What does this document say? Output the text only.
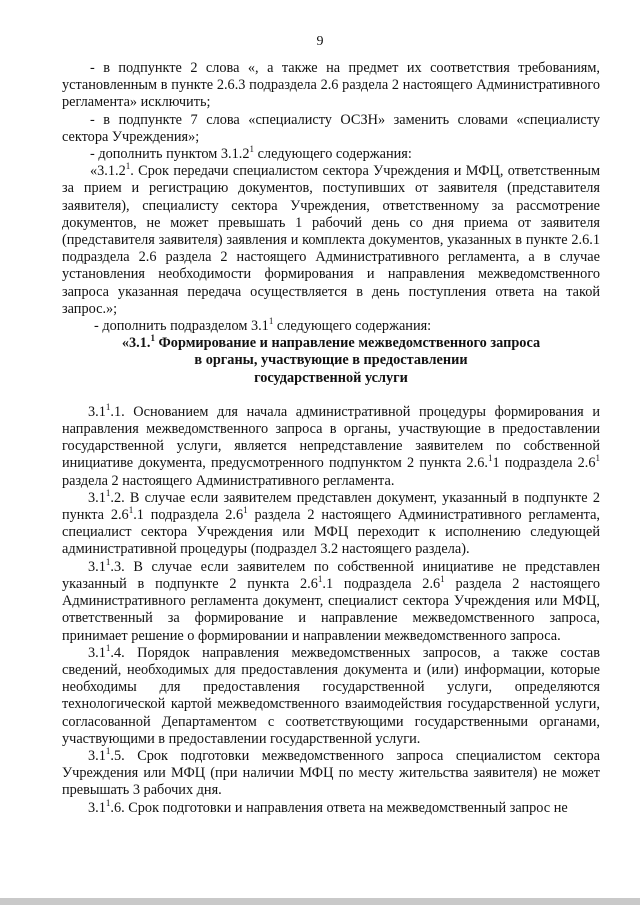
9

- в подпункте 2 слова «, а также на предмет их соответствия требованиям, установленным в пункте 2.6.3 подраздела 2.6 раздела 2 настоящего Административного регламента» исключить;

- в подпункте 7 слова «специалисту ОСЗН» заменить словами «специалисту сектора Учреждения»;

- дополнить пунктом 3.1.2$^1$ следующего содержания:

«3.1.2$^1$. Срок передачи специалистом сектора Учреждения и МФЦ, ответственным за прием и регистрацию документов, поступивших от заявителя (представителя заявителя), специалисту сектора Учреждения, ответственному за рассмотрение документов, не может превышать 1 рабочий день со дня приема от заявителя (представителя заявителя) заявления и комплекта документов, указанных в пункте 2.6.1 подраздела 2.6 раздела 2 настоящего Административного регламента, а в случае установления необходимости формирования и направления межведомственного запроса указанная передача осуществляется в день поступления ответа на такой запрос.»;

- дополнить подразделом $3.1^1$ следующего содержания:

«3.1.$^1$ Формирование и направление межведомственного запроса

в органы, участвующие в предоставлении

государственной услуги

$3.1^1.1$. Основанием для начала административной процедуры формирования и направления межведомственного запроса в органы, участвующие в предоставлении государственной услуги, является непредставление заявителем по собственной инициативе документа, предусмотренного подпунктом 2 пункта 2.6.$^1$1 подраздела $2.6^1$ раздела 2 настоящего Административного регламента.

$3.1^1.2$. В случае если заявителем представлен документ, указанный в подпункте 2 пункта $2.6^1.1$ подраздела $2.6^1$ раздела 2 настоящего Административного регламента, специалист сектора Учреждения или МФЦ переходит к исполнению следующей административной процедуры (подраздел 3.2 настоящего раздела).

$3.1^1.3$. В случае если заявителем по собственной инициативе не представлен указанный в подпункте 2 пункта $2.6^1.1$ подраздела $2.6^1$ раздела 2 настоящего Административного регламента документ, специалист сектора Учреждения или МФЦ, ответственный за формирование и направление межведомственного запроса, принимает решение о формировании и направлении межведомственного запроса.

$3.1^1.4$. Порядок направления межведомственных запросов, а также состав сведений, необходимых для предоставления документа и (или) информации, которые необходимы для предоставления государственной услуги, определяются технологической картой межведомственного взаимодействия государственной услуги, согласованной Департаментом с соответствующими государственными органами, участвующими в предоставлении государственной услуги.

$3.1^1.5$. Срок подготовки межведомственного запроса специалистом сектора Учреждения или МФЦ (при наличии МФЦ по месту жительства заявителя) не может превышать 3 рабочих дня.

$3.1^1.6$. Срок подготовки и направления ответа на межведомственный запрос не
